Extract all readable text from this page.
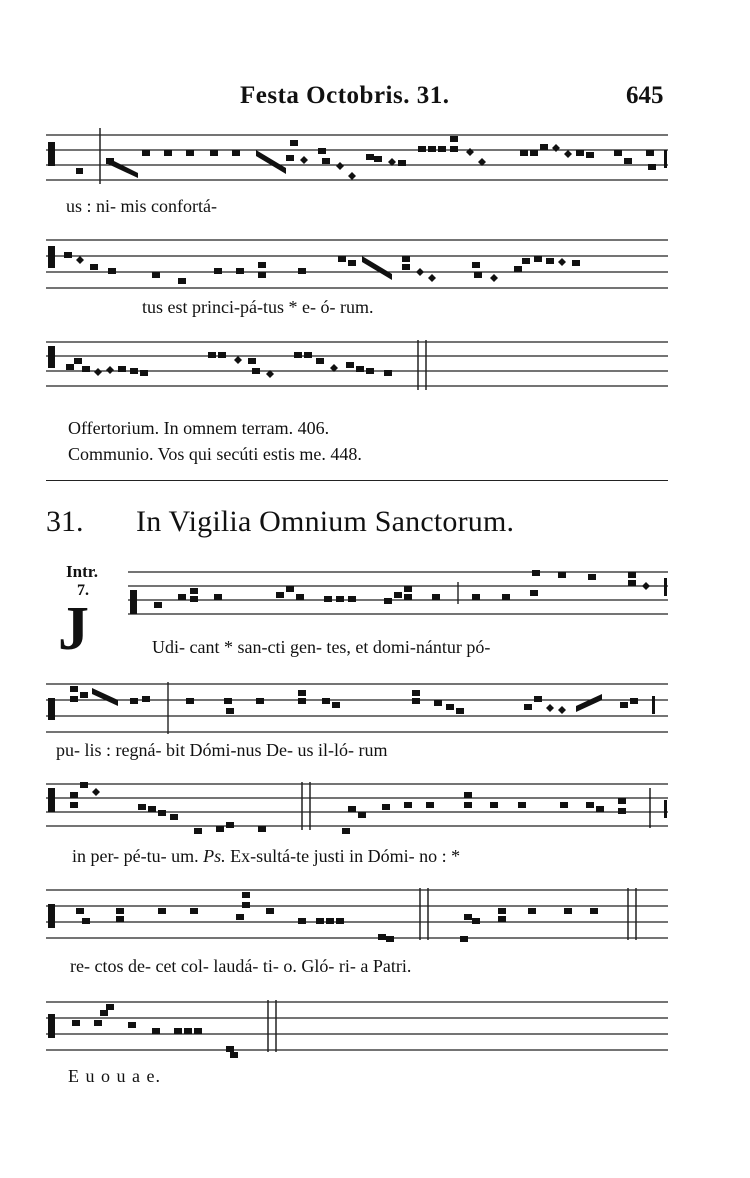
Festa Octobris. 31.	645
us : ni- mis confortá-
tus est princi-pá-tus * e- ó- rum.
Offertorium. In omnem terram. 406.
Communio. Vos qui secúti estis me. 448.
31. In Vigilia Omnium Sanctorum.
Intr.
7.
J	Udi- cant * san-cti gen- tes, et domi-nántur pó-
pu- lis : regná- bit Dómi-nus De- us il-ló- rum
in per- pé-tu- um. Ps. Ex-sultá-te justi in Dómi- no : *
re- ctos de- cet col- laudá- ti- o. Gló- ri- a Patri.
E u o u a e.
